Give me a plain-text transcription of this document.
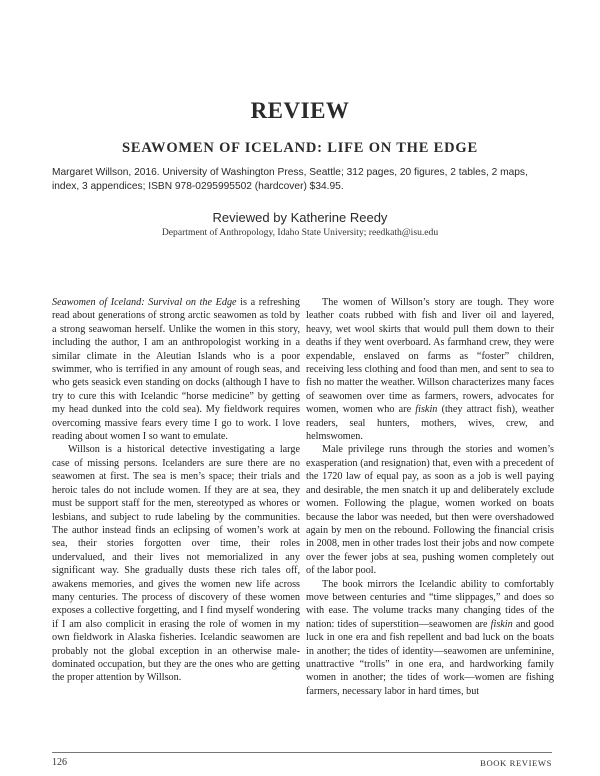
REVIEW
SEAWOMEN OF ICELAND: LIFE ON THE EDGE
Margaret Willson, 2016. University of Washington Press, Seattle; 312 pages, 20 figures, 2 tables, 2 maps, index, 3 appendices; ISBN 978-0295995502 (hardcover) $34.95.
Reviewed by Katherine Reedy
Department of Anthropology, Idaho State University; reedkath@isu.edu

Seawomen of Iceland: Survival on the Edge is a refreshing read about generations of strong arctic seawomen as told by a strong seawoman herself. Unlike the women in this story, including the author, I am an anthropologist working in a similar climate in the Aleutian Islands who is a poor swimmer, who is terrified in any amount of rough seas, and who gets seasick even standing on docks (although I have to try to cure this with Icelandic “horse medicine” by getting my head dunked into the cold sea). My fieldwork requires overcoming massive fears every time I go to work. I love reading about women I so want to emulate.

Willson is a historical detective investigating a large case of missing persons. Icelanders are sure there are no seawomen at first. The sea is men’s space; their trials and heroic tales do not include women. If they are at sea, they must be support staff for the men, stereotyped as whores or lesbians, and subject to rude labeling by the communities. The author instead finds an eclipsing of women’s work at sea, their stories forgotten over time, their roles undervalued, and their lives not memorialized in any significant way. She gradually dusts these rich tales off, awakens memories, and gives the women new life across many centuries. The process of discovery of these women exposes a collective forgetting, and I find myself wondering if I am also complicit in erasing the role of women in my own fieldwork in Alaska fisheries. Icelandic seawomen are probably not the global exception in an otherwise male-dominated occupation, but they are the ones who are getting the proper attention by Willson.

The women of Willson’s story are tough. They wore leather coats rubbed with fish and liver oil and layered, heavy, wet wool skirts that would pull them down to their deaths if they went overboard. As farmhand crew, they were expendable, enslaved on farms as “foster” children, receiving less clothing and food than men, and sent to sea to fish no matter the weather. Willson characterizes many faces of seawomen over time as farmers, rowers, advocates for women, women who are fiskin (they attract fish), weather readers, seal hunters, mothers, wives, crew, and helmswomen.

Male privilege runs through the stories and women’s exasperation (and resignation) that, even with a precedent of the 1720 law of equal pay, as soon as a job is well paying and desirable, the men snatch it up and deliberately exclude women. Following the plague, women worked on boats because the labor was needed, but then were overshadowed again by men on the rebound. Following the financial crisis in 2008, men in other trades lost their jobs and now compete over the fewer jobs at sea, pushing women completely out of the labor pool.

The book mirrors the Icelandic ability to comfortably move between centuries and “time slippages,” and does so with ease. The volume tracks many changing tides of the nation: tides of superstition—seawomen are fiskin and good luck in one era and fish repellent and bad luck on the boats in another; the tides of identity—seawomen are unfeminine, unattractive “trolls” in one era, and hardworking family women in another; the tides of work—women are fishing farmers, necessary labor in hard times, but

126	BOOK REVIEWS
